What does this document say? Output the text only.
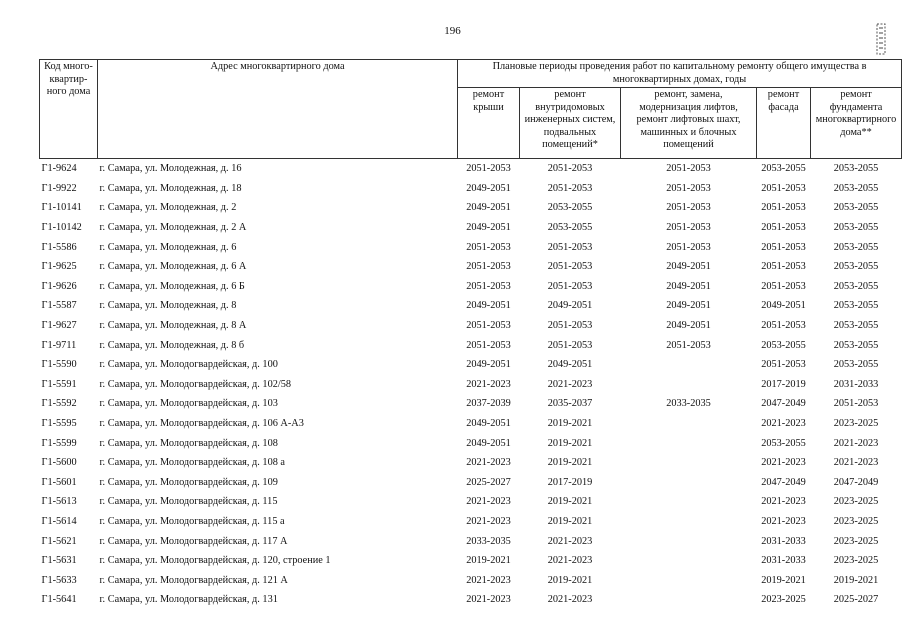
196
Код много-квартир-ного дома	Адрес многоквартирного дома	Плановые периоды проведения работ по капитальному ремонту общего имущества в многоквартирных домах, годы				
		ремонт крыши	ремонт внутридомовых инженерных систем, подвальных помещений*	ремонт, замена, модернизация лифтов, ремонт лифтовых шахт, машинных и блочных помещений	ремонт фасада	ремонт фундамента многоквартирного дома**
Г1-9624	г. Самара, ул. Молодежная, д. 16	2051-2053	2051-2053	2051-2053	2053-2055	2053-2055
Г1-9922	г. Самара, ул. Молодежная, д. 18	2049-2051	2051-2053	2051-2053	2051-2053	2053-2055
Г1-10141	г. Самара, ул. Молодежная, д. 2	2049-2051	2053-2055	2051-2053	2051-2053	2053-2055
Г1-10142	г. Самара, ул. Молодежная, д. 2 А	2049-2051	2053-2055	2051-2053	2051-2053	2053-2055
Г1-5586	г. Самара, ул. Молодежная, д. 6	2051-2053	2051-2053	2051-2053	2051-2053	2053-2055
Г1-9625	г. Самара, ул. Молодежная, д. 6 А	2051-2053	2051-2053	2049-2051	2051-2053	2053-2055
Г1-9626	г. Самара, ул. Молодежная, д. 6 Б	2051-2053	2051-2053	2049-2051	2051-2053	2053-2055
Г1-5587	г. Самара, ул. Молодежная, д. 8	2049-2051	2049-2051	2049-2051	2049-2051	2053-2055
Г1-9627	г. Самара, ул. Молодежная, д. 8 А	2051-2053	2051-2053	2049-2051	2051-2053	2053-2055
Г1-9711	г. Самара, ул. Молодежная, д. 8 б	2051-2053	2051-2053	2051-2053	2053-2055	2053-2055
Г1-5590	г. Самара, ул. Молодогвардейская, д. 100	2049-2051	2049-2051		2051-2053	2053-2055
Г1-5591	г. Самара, ул. Молодогвардейская, д. 102/58	2021-2023	2021-2023		2017-2019	2031-2033
Г1-5592	г. Самара, ул. Молодогвардейская, д. 103	2037-2039	2035-2037	2033-2035	2047-2049	2051-2053
Г1-5595	г. Самара, ул. Молодогвардейская, д. 106 А-А3	2049-2051	2019-2021		2021-2023	2023-2025
Г1-5599	г. Самара, ул. Молодогвардейская, д. 108	2049-2051	2019-2021		2053-2055	2021-2023
Г1-5600	г. Самара, ул. Молодогвардейская, д. 108 а	2021-2023	2019-2021		2021-2023	2021-2023
Г1-5601	г. Самара, ул. Молодогвардейская, д. 109	2025-2027	2017-2019		2047-2049	2047-2049
Г1-5613	г. Самара, ул. Молодогвардейская, д. 115	2021-2023	2019-2021		2021-2023	2023-2025
Г1-5614	г. Самара, ул. Молодогвардейская, д. 115 а	2021-2023	2019-2021		2021-2023	2023-2025
Г1-5621	г. Самара, ул. Молодогвардейская, д. 117 А	2033-2035	2021-2023		2031-2033	2023-2025
Г1-5631	г. Самара, ул. Молодогвардейская, д. 120, строение 1	2019-2021	2021-2023		2031-2033	2023-2025
Г1-5633	г. Самара, ул. Молодогвардейская, д. 121 А	2021-2023	2019-2021		2019-2021	2019-2021
Г1-5641	г. Самара, ул. Молодогвардейская, д. 131	2021-2023	2021-2023		2023-2025	2025-2027
